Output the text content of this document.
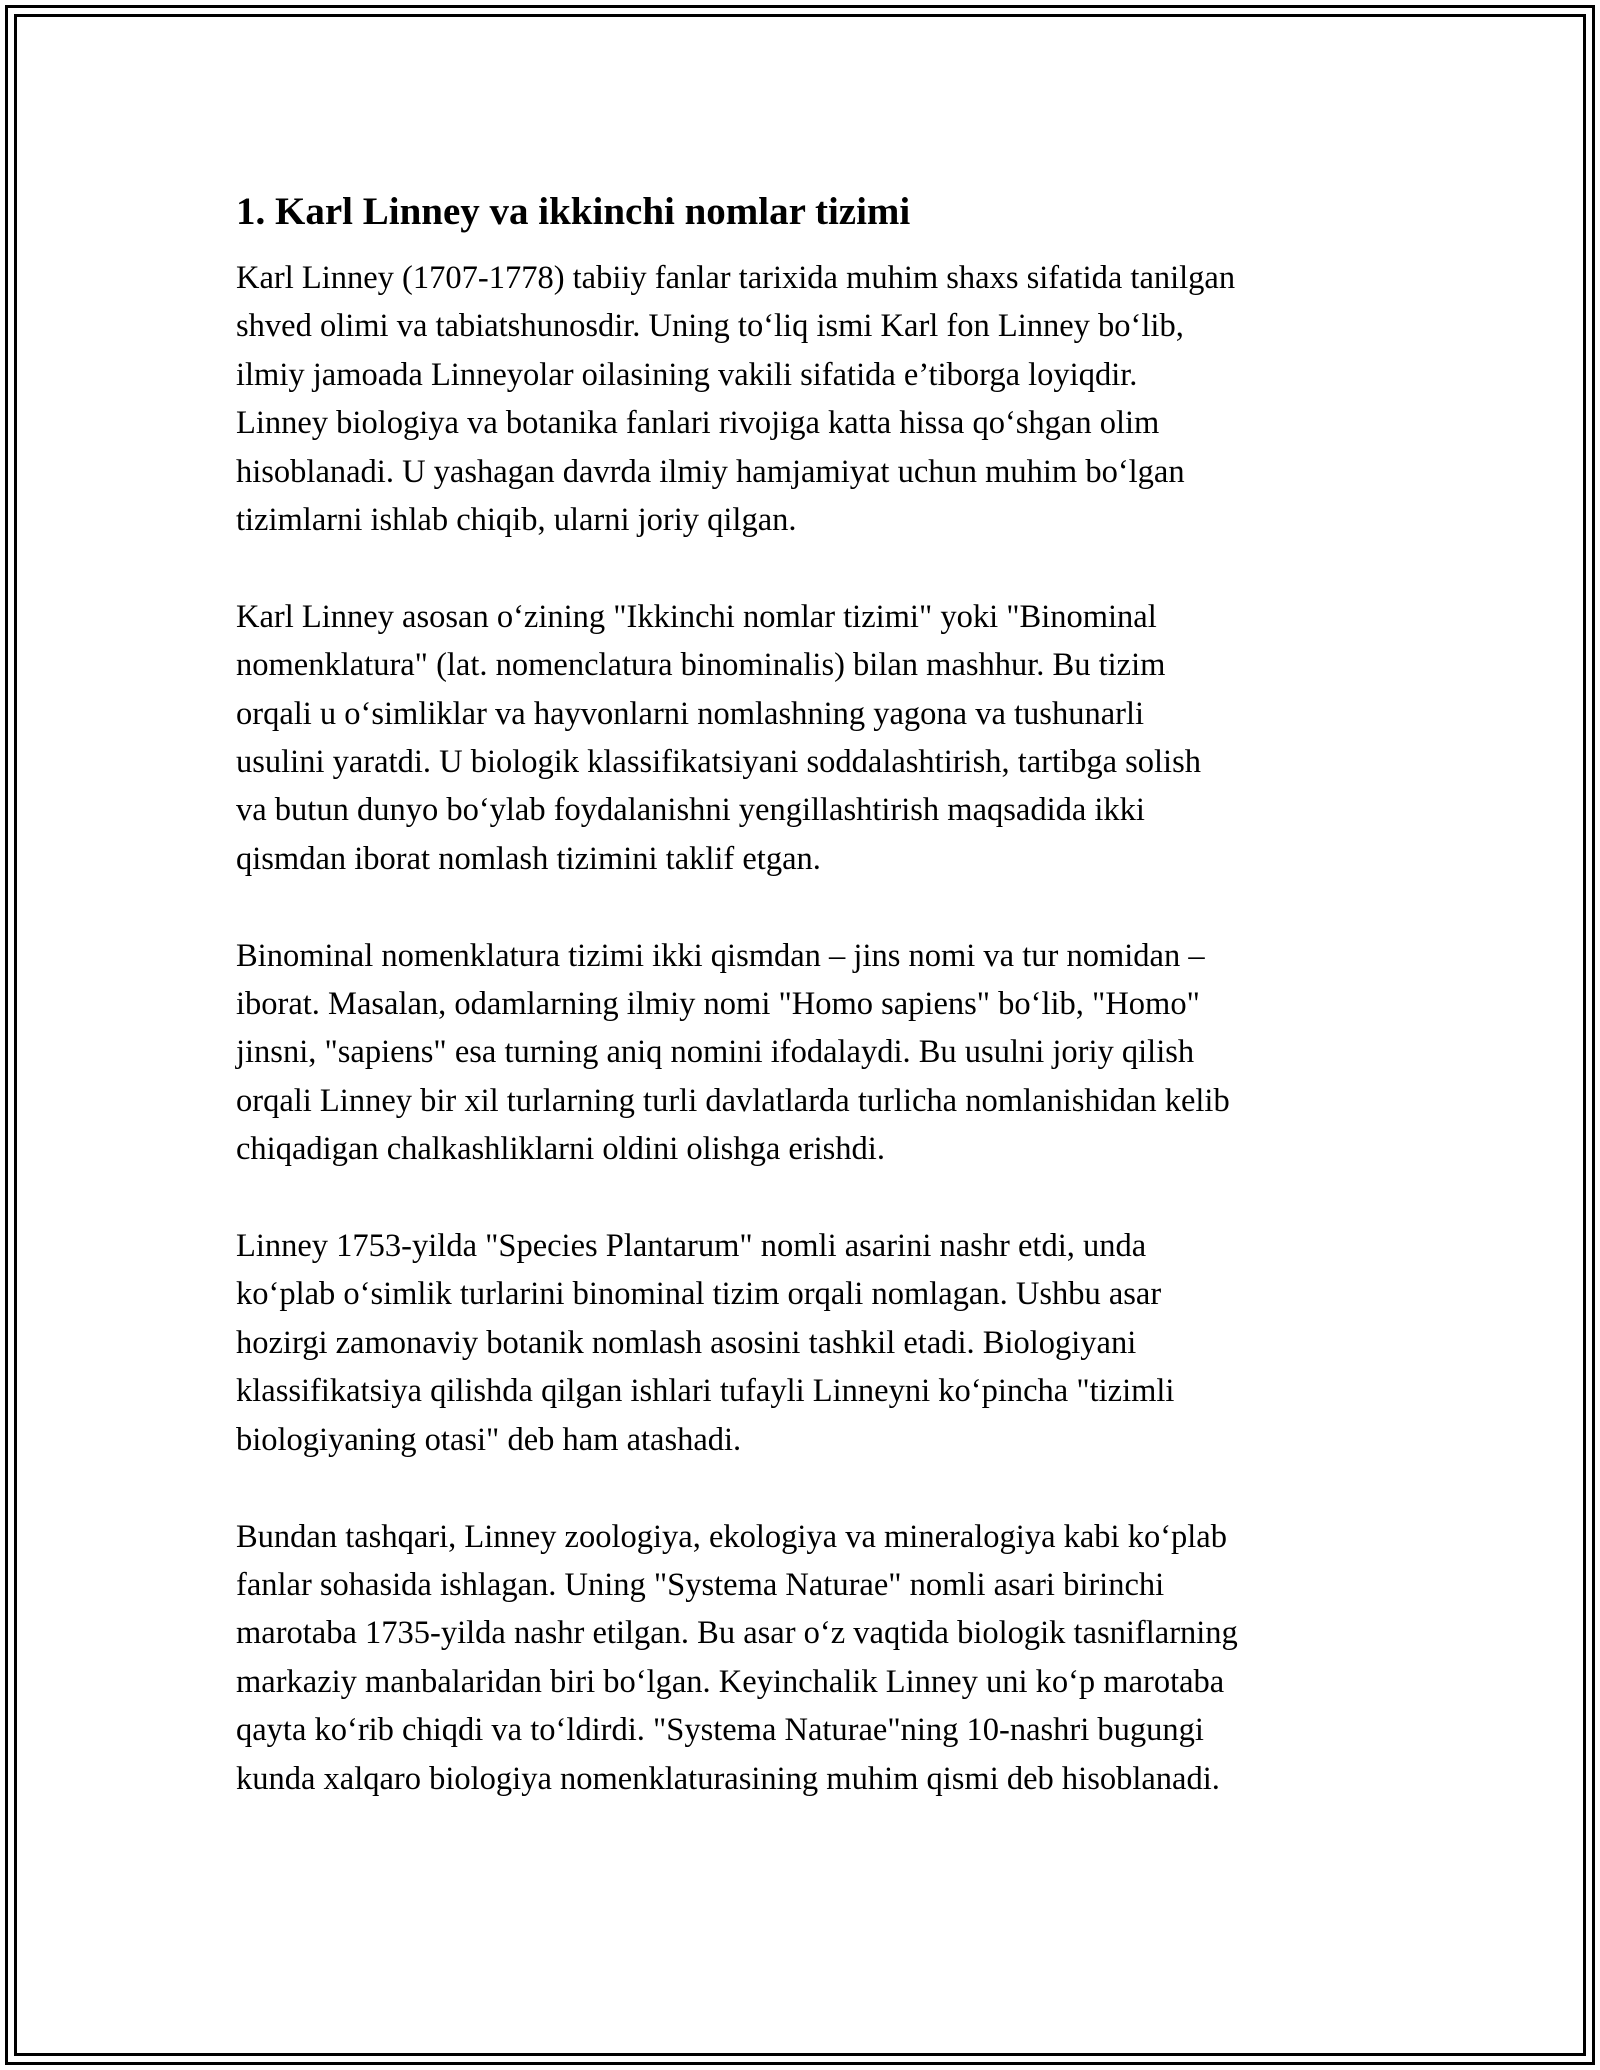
1. Karl Linney va ikkinchi nomlar tizimi

Karl Linney (1707-1778) tabiiy fanlar tarixida muhim shaxs sifatida tanilgan
shved olimi va tabiatshunosdir. Uning to‘liq ismi Karl fon Linney bo‘lib,
ilmiy jamoada Linneyolar oilasining vakili sifatida e’tiborga loyiqdir.
Linney biologiya va botanika fanlari rivojiga katta hissa qo‘shgan olim
hisoblanadi. U yashagan davrda ilmiy hamjamiyat uchun muhim bo‘lgan
tizimlarni ishlab chiqib, ularni joriy qilgan.

Karl Linney asosan o‘zining "Ikkinchi nomlar tizimi" yoki "Binominal
nomenklatura" (lat. nomenclatura binominalis) bilan mashhur. Bu tizim
orqali u o‘simliklar va hayvonlarni nomlashning yagona va tushunarli
usulini yaratdi. U biologik klassifikatsiyani soddalashtirish, tartibga solish
va butun dunyo bo‘ylab foydalanishni yengillashtirish maqsadida ikki
qismdan iborat nomlash tizimini taklif etgan.

Binominal nomenklatura tizimi ikki qismdan – jins nomi va tur nomidan –
iborat. Masalan, odamlarning ilmiy nomi "Homo sapiens" bo‘lib, "Homo"
jinsni, "sapiens" esa turning aniq nomini ifodalaydi. Bu usulni joriy qilish
orqali Linney bir xil turlarning turli davlatlarda turlicha nomlanishidan kelib
chiqadigan chalkashliklarni oldini olishga erishdi.

Linney 1753-yilda "Species Plantarum" nomli asarini nashr etdi, unda
ko‘plab o‘simlik turlarini binominal tizim orqali nomlagan. Ushbu asar
hozirgi zamonaviy botanik nomlash asosini tashkil etadi. Biologiyani
klassifikatsiya qilishda qilgan ishlari tufayli Linneyni ko‘pincha "tizimli
biologiyaning otasi" deb ham atashadi.

Bundan tashqari, Linney zoologiya, ekologiya va mineralogiya kabi ko‘plab
fanlar sohasida ishlagan. Uning "Systema Naturae" nomli asari birinchi
marotaba 1735-yilda nashr etilgan. Bu asar o‘z vaqtida biologik tasniflarning
markaziy manbalaridan biri bo‘lgan. Keyinchalik Linney uni ko‘p marotaba
qayta ko‘rib chiqdi va to‘ldirdi. "Systema Naturae"ning 10-nashri bugungi
kunda xalqaro biologiya nomenklaturasining muhim qismi deb hisoblanadi.
